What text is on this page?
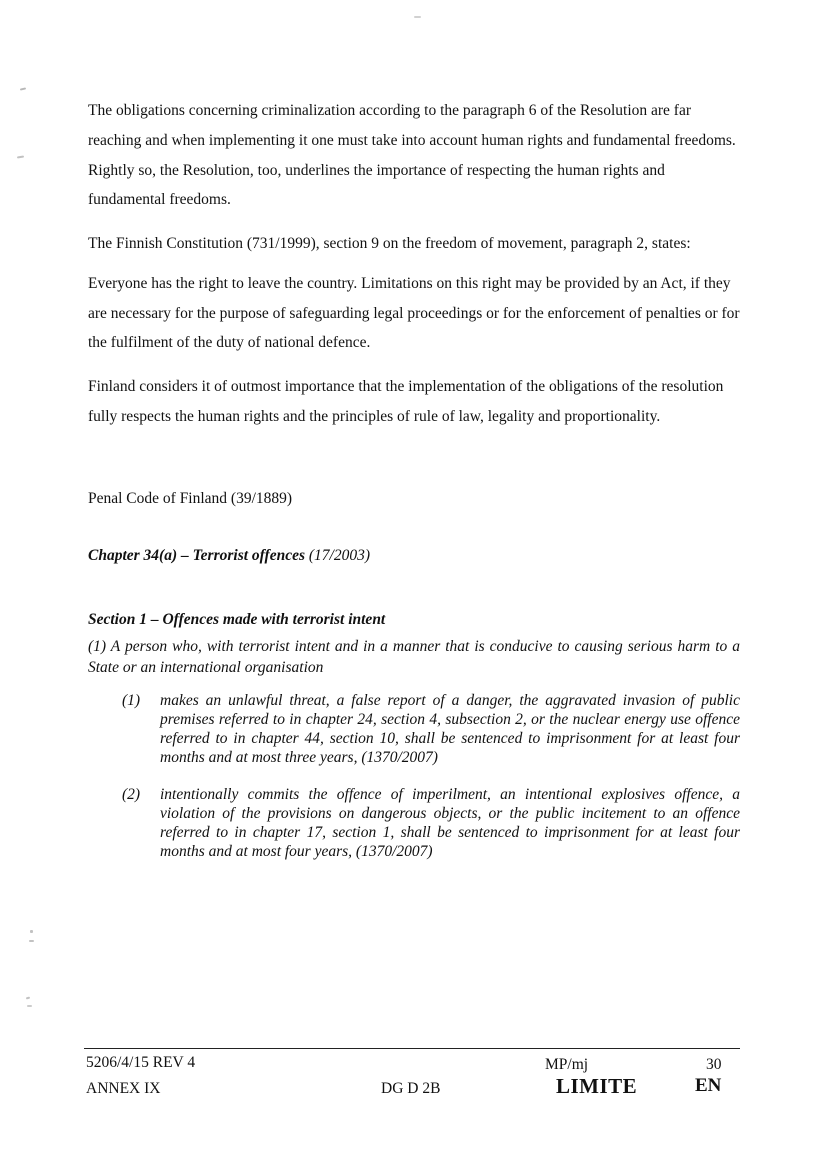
The obligations concerning criminalization according to the paragraph 6 of the Resolution are far reaching and when implementing it one must take into account human rights and fundamental freedoms. Rightly so, the Resolution, too, underlines the importance of respecting the human rights and fundamental freedoms.

The Finnish Constitution (731/1999), section 9 on the freedom of movement, paragraph 2, states:

Everyone has the right to leave the country. Limitations on this right may be provided by an Act, if they are necessary for the purpose of safeguarding legal proceedings or for the enforcement of penalties or for the fulfilment of the duty of national defence.

Finland considers it of outmost importance that the implementation of the obligations of the resolution fully respects the human rights and the principles of rule of law, legality and proportionality.

Penal Code of Finland (39/1889)

Chapter 34(a) – Terrorist offences (17/2003)

Section 1 – Offences made with terrorist intent

(1) A person who, with terrorist intent and in a manner that is conducive to causing serious harm to a State or an international organisation

(1)	makes an unlawful threat, a false report of a danger, the aggravated invasion of public premises referred to in chapter 24, section 4, subsection 2, or the nuclear energy use offence referred to in chapter 44, section 10, shall be sentenced to imprisonment for at least four months and at most three years, (1370/2007)
(2)	intentionally commits the offence of imperilment, an intentional explosives offence, a violation of the provisions on dangerous objects, or the public incitement to an offence referred to in chapter 17, section 1, shall be sentenced to imprisonment for at least four months and at most four years, (1370/2007)
5206/4/15 REV 4
ANNEX IX	DG D 2B
MP/mj	30
LIMITE	EN
